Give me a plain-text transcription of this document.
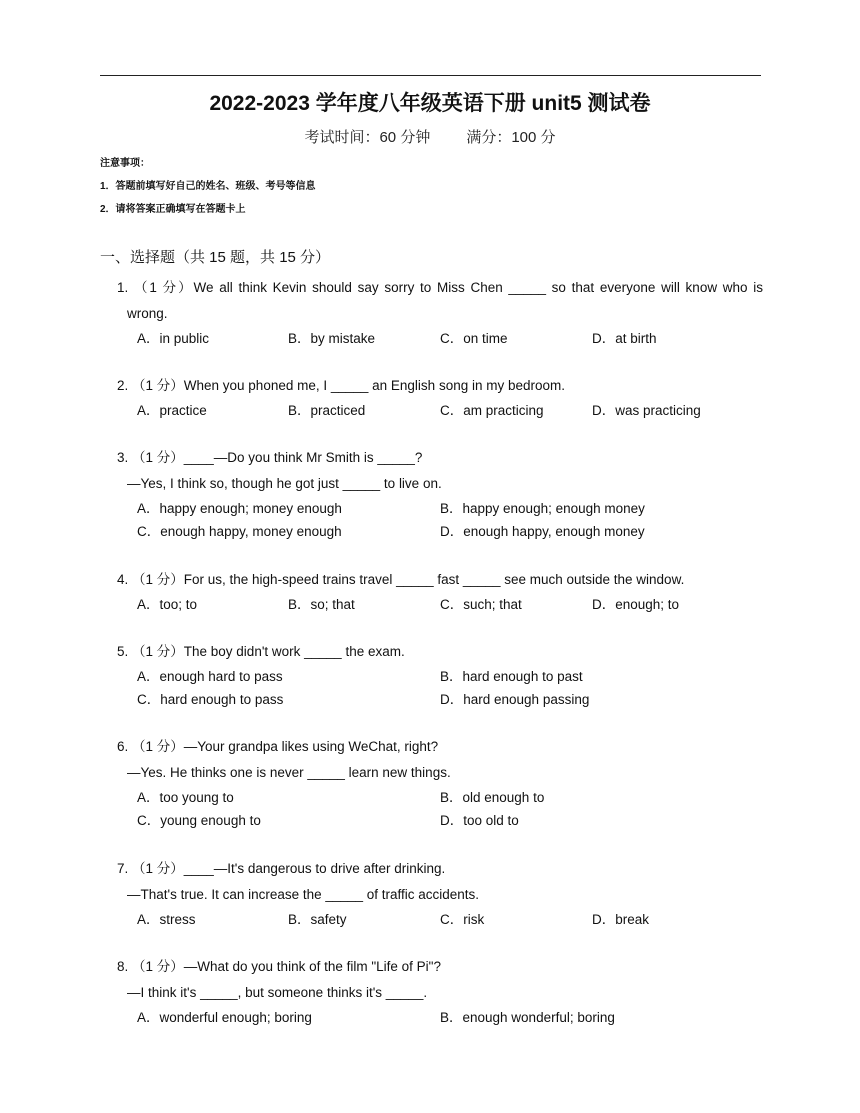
2022-2023 学年度八年级英语下册 unit5 测试卷
考试时间：60 分钟 满分：100 分
注意事项：
1．答题前填写好自己的姓名、班级、考号等信息
2．请将答案正确填写在答题卡上
一、选择题（共 15 题，共 15 分）
1. （1 分）We all think Kevin should say sorry to Miss Chen _____ so that everyone will know who is
wrong.
A．in public	B．by mistake	C．on time	D．at birth
2. （1 分）When you phoned me, I _____ an English song in my bedroom.
A．practice	B．practiced	C．am practicing	D．was practicing
3. （1 分）____—Do you think Mr Smith is _____?
—Yes, I think so, though he got just _____ to live on.
A．happy enough; money enough	B．happy enough; enough money
C．enough happy, money enough	D．enough happy, enough money
4. （1 分）For us, the high-speed trains travel _____ fast _____ see much outside the window.
A．too; to	B．so; that	C．such; that	D．enough; to
5. （1 分）The boy didn't work _____ the exam.
A．enough hard to pass	B．hard enough to past
C．hard enough to pass	D．hard enough passing
6. （1 分）—Your grandpa likes using WeChat, right?
—Yes. He thinks one is never _____ learn new things.
A．too young to	B．old enough to
C．young enough to	D．too old to
7. （1 分）____—It's dangerous to drive after drinking.
—That's true. It can increase the _____ of traffic accidents.
A．stress	B．safety	C．risk	D．break
8. （1 分）—What do you think of the film "Life of Pi"?
—I think it's _____, but someone thinks it's _____.
A．wonderful enough; boring	B．enough wonderful; boring
